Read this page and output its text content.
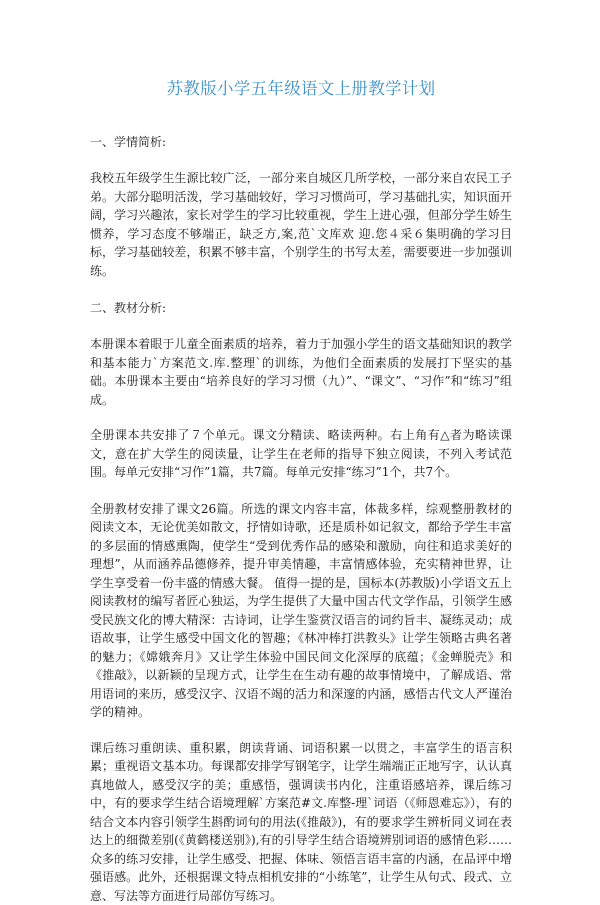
苏教版小学五年级语文上册教学计划
一、学情简析:

我校五年级学生生源比较广泛，一部分来自城区几所学校，一部分来自农民工子弟。大部分聪明活泼，学习基础较好，学习习惯尚可，学习基础扎实，知识面开阔，学习兴趣浓，家长对学生的学习比较重视，学生上进心强，但部分学生娇生惯养，学习态度不够端正，缺乏方,案,范`文库欢 迎.您４采６集明确的学习目标，学习基础较差，积累不够丰富，个别学生的书写太差，需要要进一步加强训练。

二、教材分析:

本册课本着眼于儿童全面素质的培养，着力于加强小学生的语文基础知识的教学和基本能力`方案范文.库.整理`的训练，为他们全面素质的发展打下坚实的基础。本册课本主要由“培养良好的学习习惯（九）”、“课文”、“习作”和“练习”组成。

全册课本共安排了７个单元。课文分精读、略读两种。右上角有△者为略读课文，意在扩大学生的阅读量，让学生在老师的指导下独立阅读，不列入考试范围。每单元安排“习作”1篇，共7篇。每单元安排“练习”1个，共7个。

全册教材安排了课文26篇。所选的课文内容丰富，体裁多样，综观整册教材的阅读文本，无论优美如散文，抒情如诗歌，还是质朴如记叙文，都给予学生丰富的多层面的情感熏陶，使学生“受到优秀作品的感染和激励，向往和追求美好的理想”，从而涵养品德修养，提升审美情趣，丰富情感体验，充实精神世界，让学生享受着一份丰盛的情感大餐。 值得一提的是，国标本(苏教版)小学语文五上阅读教材的编写者匠心独运，为学生提供了大量中国古代文学作品，引领学生感受民族文化的博大精深：古诗词，让学生鉴赏汉语言的词约旨丰、凝练灵动；成语故事，让学生感受中国文化的智趣；《林冲棒打洪教头》让学生领略古典名著的魅力；《嫦娥奔月》又让学生体验中国民间文化深厚的底蕴；《金蝉脱壳》和《推敲》，以新颖的呈现方式，让学生在生动有趣的故事情境中，了解成语、常用语词的来历，感受汉字、汉语不竭的活力和深邃的内涵，感悟古代文人严谨治学的精神。

课后练习重朗读、重积累，朗读背诵、词语积累一以贯之，丰富学生的语言积累；重视语文基本功。每课都安排学写钢笔字，让学生端端正正地写字，认认真真地做人，感受汉字的美；重感悟，强调读书内化，注重语感培养，课后练习中，有的要求学生结合语境理解`方案范#文.库整-理`词语（《师恩难忘》），有的结合文本内容引领学生斟酌词句的用法(《推敲》)，有的要求学生辨析同义词在表达上的细微差别(《黄鹤楼送别》),有的引导学生结合语境辨别词语的感情色彩……众多的练习安排，让学生感受、把握、体味、领悟言语丰富的内涵，在品评中增强语感。此外，还根据课文特点相机安排的“小练笔”，让学生从句式、段式、立意、写法等方面进行局部仿写练习。
